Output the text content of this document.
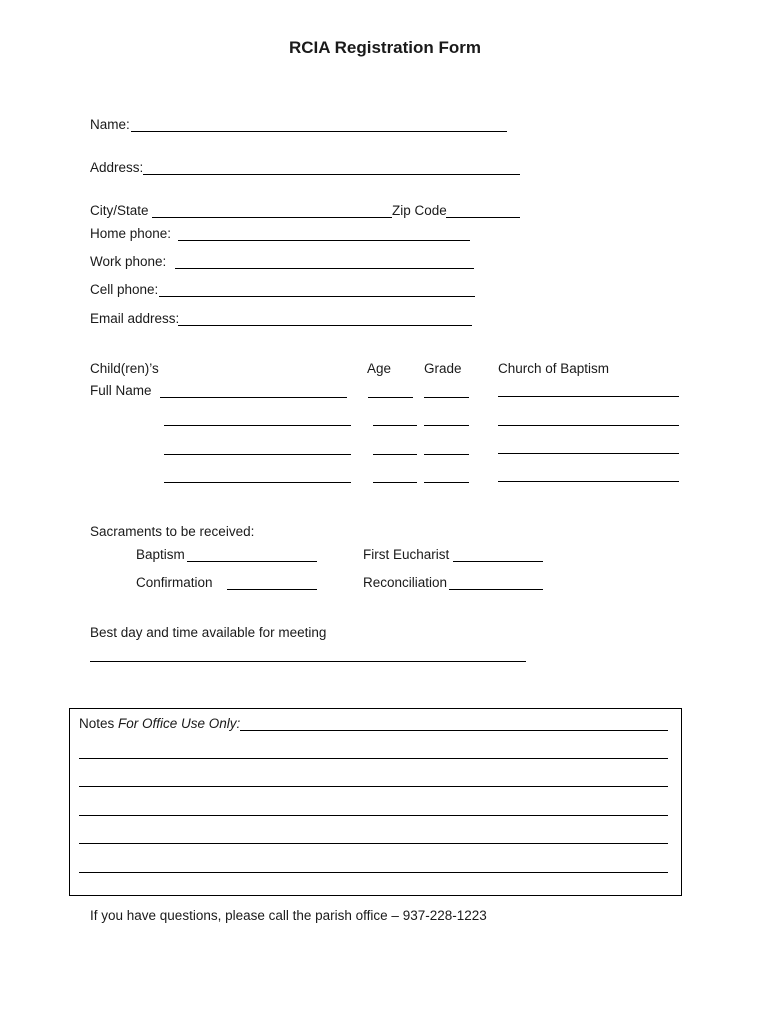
RCIA Registration Form
Name:
Address:
City/State	Zip Code
Home phone:
Work phone:
Cell phone:
Email address:
Child(ren)’s
Full Name
Age Grade	Church of Baptism
Sacraments to be received:
Baptism	First Eucharist
Confirmation	Reconciliation
Best day and time available for meeting
Notes For Office Use Only:
If you have questions, please call the parish office – 937-228-1223
